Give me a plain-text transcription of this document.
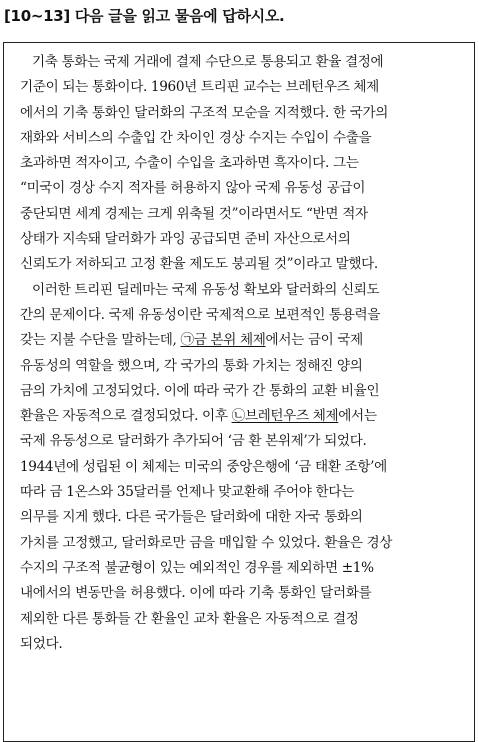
[10~13] 다음 글을 읽고 물음에 답하시오.
기축 통화는 국제 거래에 결제 수단으로 통용되고 환율 결정에
기준이 되는 통화이다. 1960년 트리핀 교수는 브레턴우즈 체제
에서의 기축 통화인 달러화의 구조적 모순을 지적했다. 한 국가의
재화와 서비스의 수출입 간 차이인 경상 수지는 수입이 수출을
초과하면 적자이고, 수출이 수입을 초과하면 흑자이다. 그는
“미국이 경상 수지 적자를 허용하지 않아 국제 유동성 공급이
중단되면 세계 경제는 크게 위축될 것”이라면서도 “반면 적자
상태가 지속돼 달러화가 과잉 공급되면 준비 자산으로서의
신뢰도가 저하되고 고정 환율 제도도 붕괴될 것”이라고 말했다.
이러한 트리핀 딜레마는 국제 유동성 확보와 달러화의 신뢰도
간의 문제이다. 국제 유동성이란 국제적으로 보편적인 통용력을
갖는 지불 수단을 말하는데, ㉠금 본위 체제에서는 금이 국제
유동성의 역할을 했으며, 각 국가의 통화 가치는 정해진 양의
금의 가치에 고정되었다. 이에 따라 국가 간 통화의 교환 비율인
환율은 자동적으로 결정되었다. 이후 ㉡브레턴우즈 체제에서는
국제 유동성으로 달러화가 추가되어 ‘금 환 본위제’가 되었다.
1944년에 성립된 이 체제는 미국의 중앙은행에 ‘금 태환 조항’에
따라 금 1온스와 35달러를 언제나 맞교환해 주어야 한다는
의무를 지게 했다. 다른 국가들은 달러화에 대한 자국 통화의
가치를 고정했고, 달러화로만 금을 매입할 수 있었다. 환율은 경상
수지의 구조적 불균형이 있는 예외적인 경우를 제외하면 ±1%
내에서의 변동만을 허용했다. 이에 따라 기축 통화인 달러화를
제외한 다른 통화들 간 환율인 교차 환율은 자동적으로 결정
되었다.
